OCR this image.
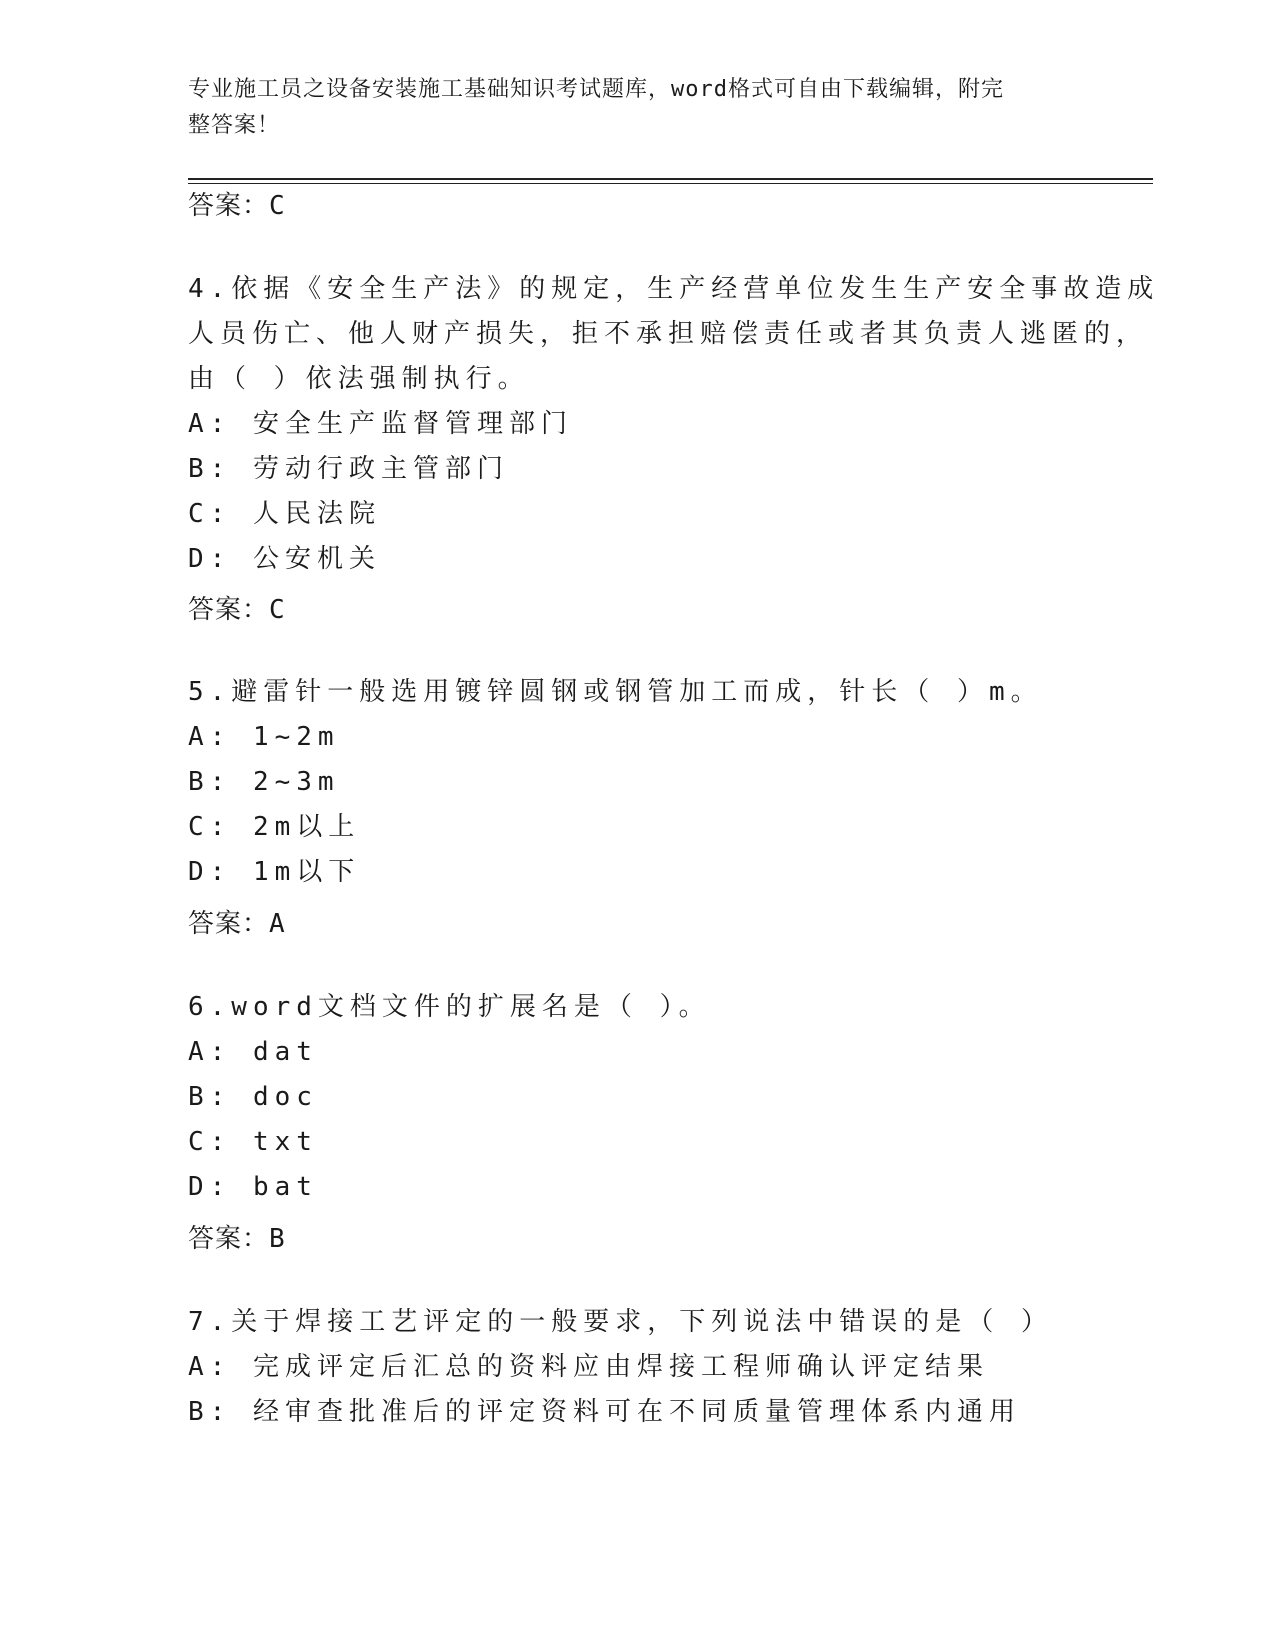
专业施工员之设备安装施工基础知识考试题库，word格式可自由下载编辑，附完
整答案！
答案：C
4.依据《安全生产法》的规定，生产经营单位发生生产安全事故造成
人员伤亡、他人财产损失，拒不承担赔偿责任或者其负责人逃匿的，
由（ ）依法强制执行。
A: 安全生产监督管理部门
B: 劳动行政主管部门
C: 人民法院
D: 公安机关
答案：C
5.避雷针一般选用镀锌圆钢或钢管加工而成，针长（ ）m。
A: 1~2m
B: 2~3m
C: 2m以上
D: 1m以下
答案：A
6.word文档文件的扩展名是（ ）。
A: dat
B: doc
C: txt
D: bat
答案：B
7.关于焊接工艺评定的一般要求，下列说法中错误的是（ ）
A: 完成评定后汇总的资料应由焊接工程师确认评定结果
B: 经审查批准后的评定资料可在不同质量管理体系内通用
